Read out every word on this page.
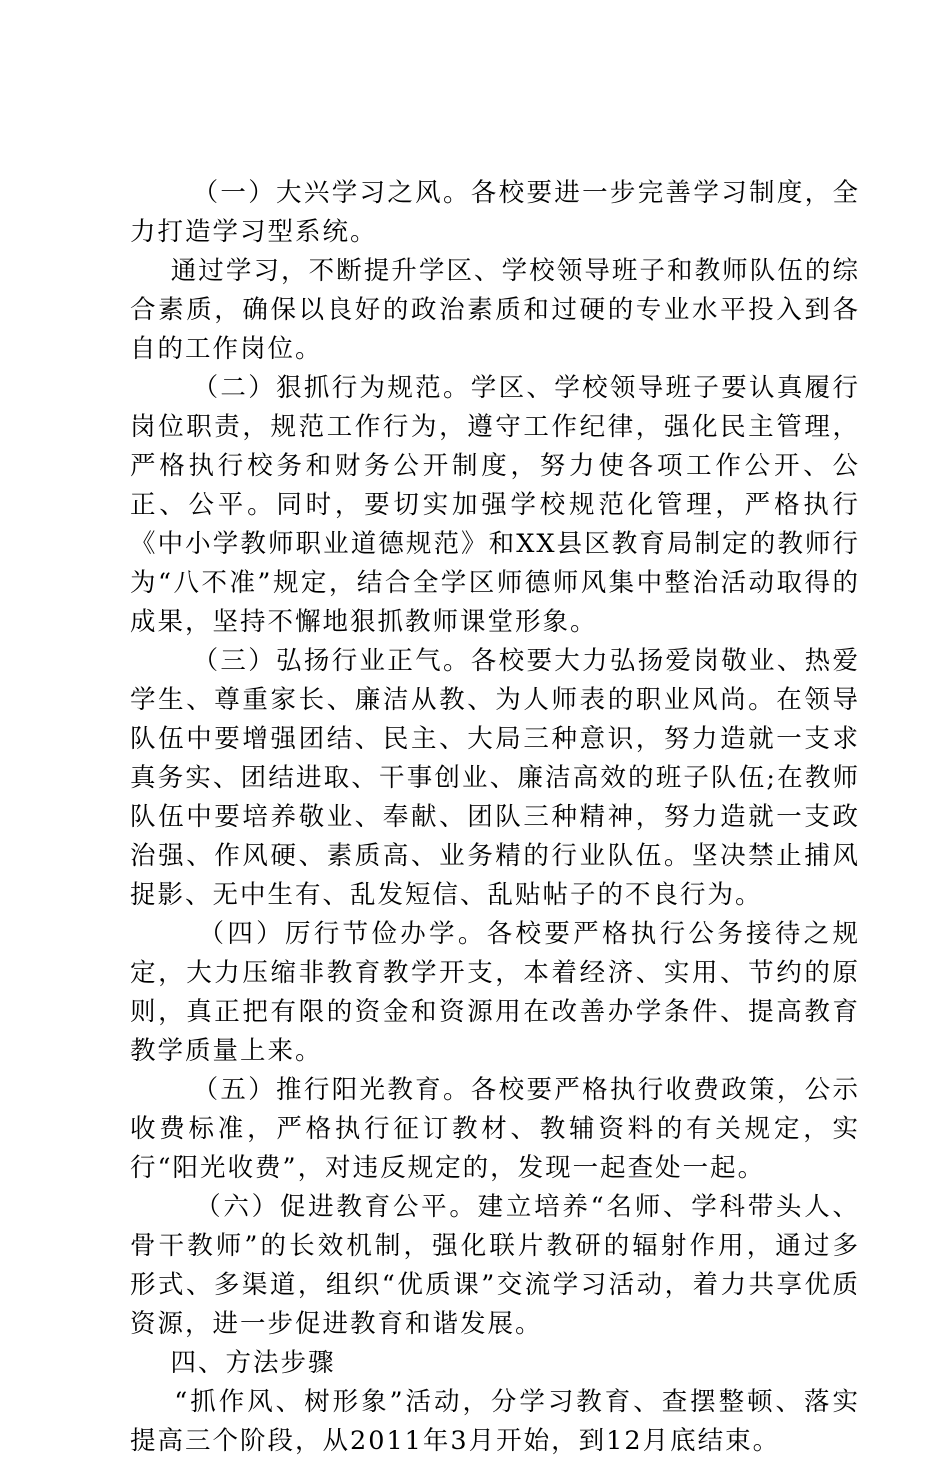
（一）大兴学习之风。各校要进一步完善学习制度，全力打造学习型系统。

通过学习，不断提升学区、学校领导班子和教师队伍的综合素质，确保以良好的政治素质和过硬的专业水平投入到各自的工作岗位。

（二）狠抓行为规范。学区、学校领导班子要认真履行岗位职责，规范工作行为，遵守工作纪律，强化民主管理，严格执行校务和财务公开制度，努力使各项工作公开、公正、公平。同时，要切实加强学校规范化管理，严格执行《中小学教师职业道德规范》和XX县区教育局制定的教师行为“八不准”规定，结合全学区师德师风集中整治活动取得的成果，坚持不懈地狠抓教师课堂形象。

（三）弘扬行业正气。各校要大力弘扬爱岗敬业、热爱学生、尊重家长、廉洁从教、为人师表的职业风尚。在领导队伍中要增强团结、民主、大局三种意识，努力造就一支求真务实、团结进取、干事创业、廉洁高效的班子队伍;在教师队伍中要培养敬业、奉献、团队三种精神，努力造就一支政治强、作风硬、素质高、业务精的行业队伍。坚决禁止捕风捉影、无中生有、乱发短信、乱贴帖子的不良行为。

（四）厉行节俭办学。各校要严格执行公务接待之规定，大力压缩非教育教学开支，本着经济、实用、节约的原则，真正把有限的资金和资源用在改善办学条件、提高教育教学质量上来。

（五）推行阳光教育。各校要严格执行收费政策，公示收费标准，严格执行征订教材、教辅资料的有关规定，实行“阳光收费”，对违反规定的，发现一起查处一起。

（六）促进教育公平。建立培养“名师、学科带头人、骨干教师”的长效机制，强化联片教研的辐射作用，通过多形式、多渠道，组织“优质课”交流学习活动，着力共享优质资源，进一步促进教育和谐发展。

四、方法步骤

“抓作风、树形象”活动，分学习教育、查摆整顿、落实提高三个阶段，从2011年3月开始，到12月底结束。
